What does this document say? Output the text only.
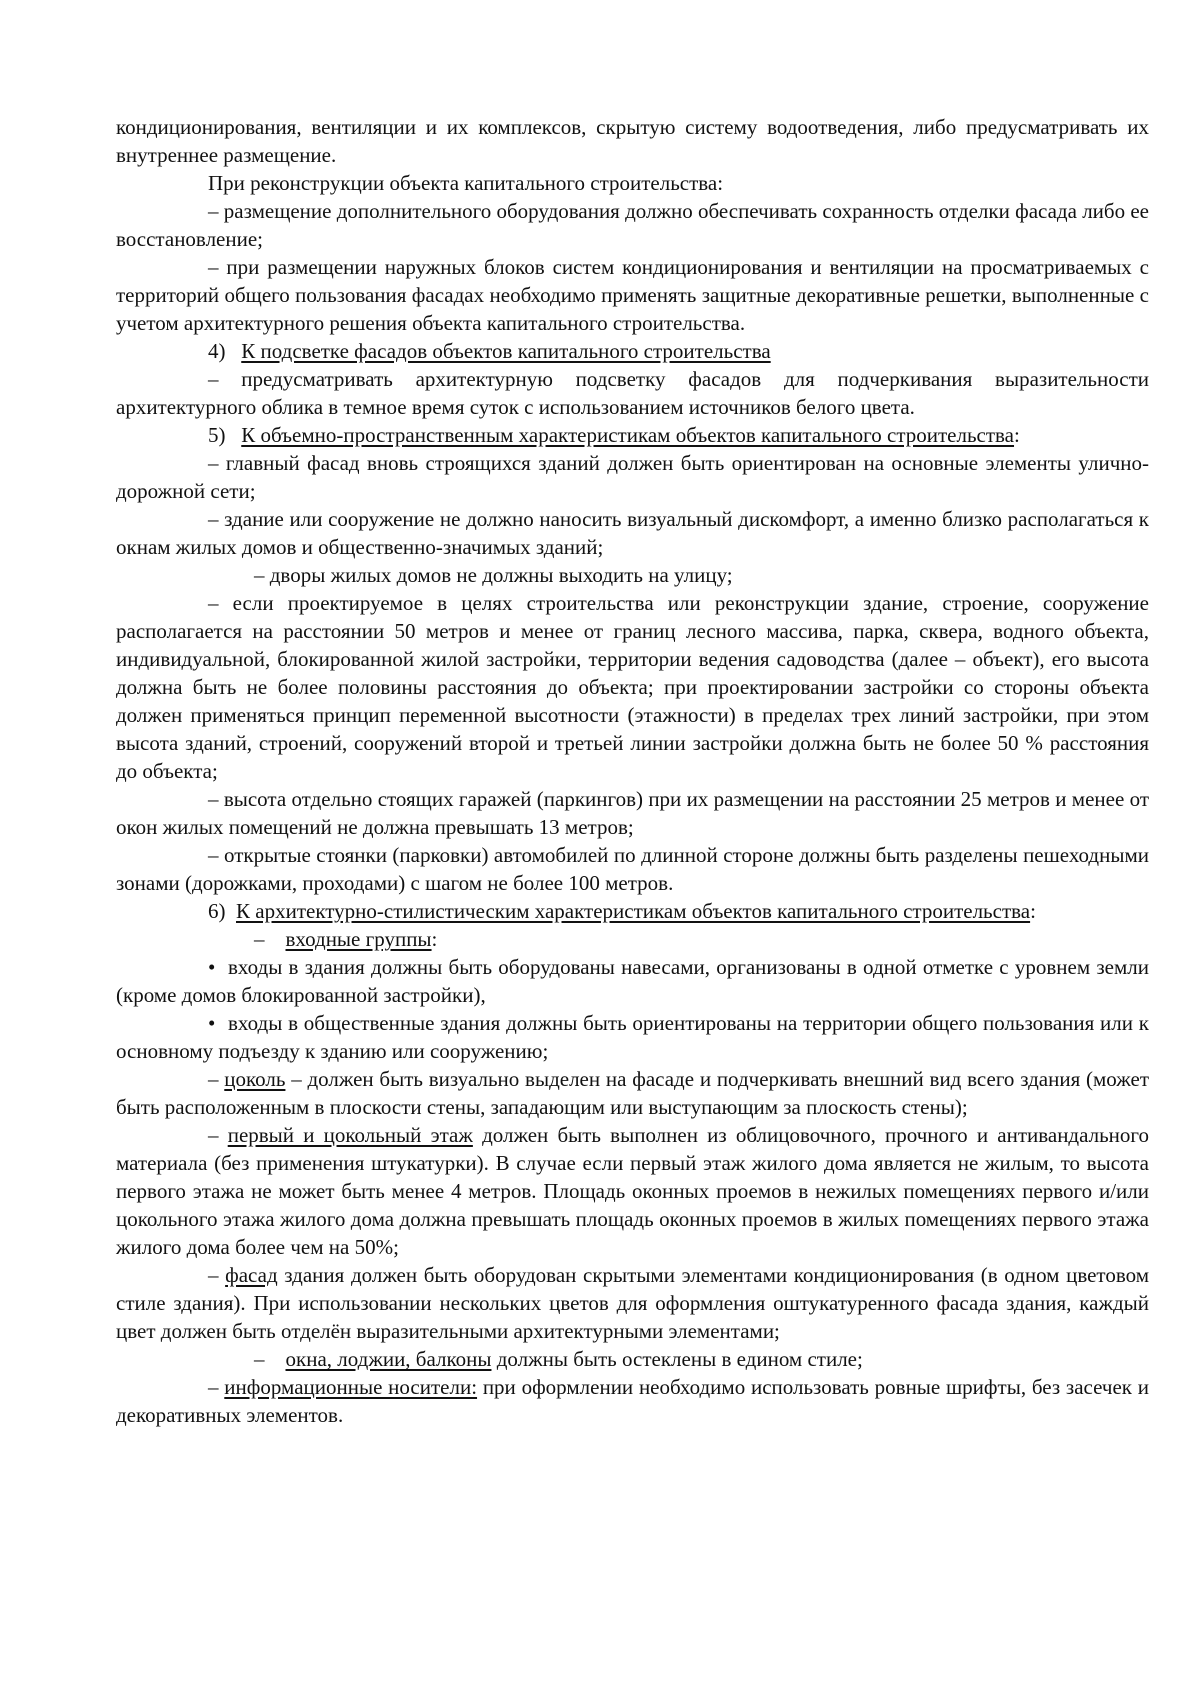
кондиционирования, вентиляции и их комплексов, скрытую систему водоотведения, либо предусматривать их внутреннее размещение.

При реконструкции объекта капитального строительства:

– размещение дополнительного оборудования должно обеспечивать сохранность отделки фасада либо ее восстановление;

– при размещении наружных блоков систем кондиционирования и вентиляции на просматриваемых с территорий общего пользования фасадах необходимо применять защитные декоративные решетки, выполненные с учетом архитектурного решения объекта капитального строительства.

4) К подсветке фасадов объектов капитального строительства

– предусматривать архитектурную подсветку фасадов для подчеркивания выразительности архитектурного облика в темное время суток с использованием источников белого цвета.

5) К объемно-пространственным характеристикам объектов капитального строительства:

– главный фасад вновь строящихся зданий должен быть ориентирован на основные элементы улично-дорожной сети;

– здание или сооружение не должно наносить визуальный дискомфорт, а именно близко располагаться к окнам жилых домов и общественно-значимых зданий;

– дворы жилых домов не должны выходить на улицу;

– если проектируемое в целях строительства или реконструкции здание, строение, сооружение располагается на расстоянии 50 метров и менее от границ лесного массива, парка, сквера, водного объекта, индивидуальной, блокированной жилой застройки, территории ведения садоводства (далее – объект), его высота должна быть не более половины расстояния до объекта; при проектировании застройки со стороны объекта должен применяться принцип переменной высотности (этажности) в пределах трех линий застройки, при этом высота зданий, строений, сооружений второй и третьей линии застройки должна быть не более 50 % расстояния до объекта;

– высота отдельно стоящих гаражей (паркингов) при их размещении на расстоянии 25 метров и менее от окон жилых помещений не должна превышать 13 метров;

– открытые стоянки (парковки) автомобилей по длинной стороне должны быть разделены пешеходными зонами (дорожками, проходами) с шагом не более 100 метров.

6) К архитектурно-стилистическим характеристикам объектов капитального строительства:

– входные группы:

• входы в здания должны быть оборудованы навесами, организованы в одной отметке с уровнем земли (кроме домов блокированной застройки),

• входы в общественные здания должны быть ориентированы на территории общего пользования или к основному подъезду к зданию или сооружению;

– цоколь – должен быть визуально выделен на фасаде и подчеркивать внешний вид всего здания (может быть расположенным в плоскости стены, западающим или выступающим за плоскость стены);

– первый и цокольный этаж должен быть выполнен из облицовочного, прочного и антивандального материала (без применения штукатурки). В случае если первый этаж жилого дома является не жилым, то высота первого этажа не может быть менее 4 метров. Площадь оконных проемов в нежилых помещениях первого и/или цокольного этажа жилого дома должна превышать площадь оконных проемов в жилых помещениях первого этажа жилого дома более чем на 50%;

– фасад здания должен быть оборудован скрытыми элементами кондиционирования (в одном цветовом стиле здания). При использовании нескольких цветов для оформления оштукатуренного фасада здания, каждый цвет должен быть отделён выразительными архитектурными элементами;

– окна, лоджии, балконы должны быть остеклены в едином стиле;

– информационные носители: при оформлении необходимо использовать ровные шрифты, без засечек и декоративных элементов.
